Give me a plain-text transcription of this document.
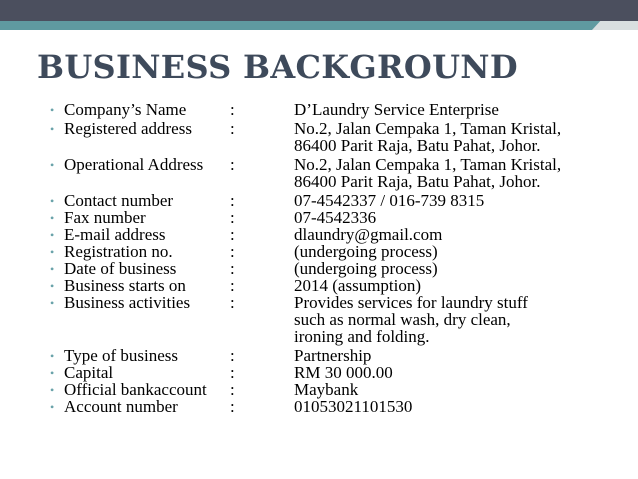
BUSINESS BACKGROUND
• Company’s Name	:	D’Laundry Service Enterprise
• Registered address	:	No.2, Jalan Cempaka 1, Taman Kristal,
86400 Parit Raja, Batu Pahat, Johor.
• Operational Address	:	No.2, Jalan Cempaka 1, Taman Kristal,
86400 Parit Raja, Batu Pahat, Johor.
• Contact number	:	07-4542337 / 016-739 8315
• Fax number	:	07-4542336
• E-mail address	:	dlaundry@gmail.com
• Registration no.	:	(undergoing process)
• Date of business	:	(undergoing process)
• Business starts on	:	2014 (assumption)
• Business activities	:	Provides services for laundry stuff
such as normal wash, dry clean,
ironing and folding.
• Type of business	:	Partnership
• Capital	:	RM 30 000.00
• Official bankaccount	:	Maybank
• Account number	:	01053021101530
